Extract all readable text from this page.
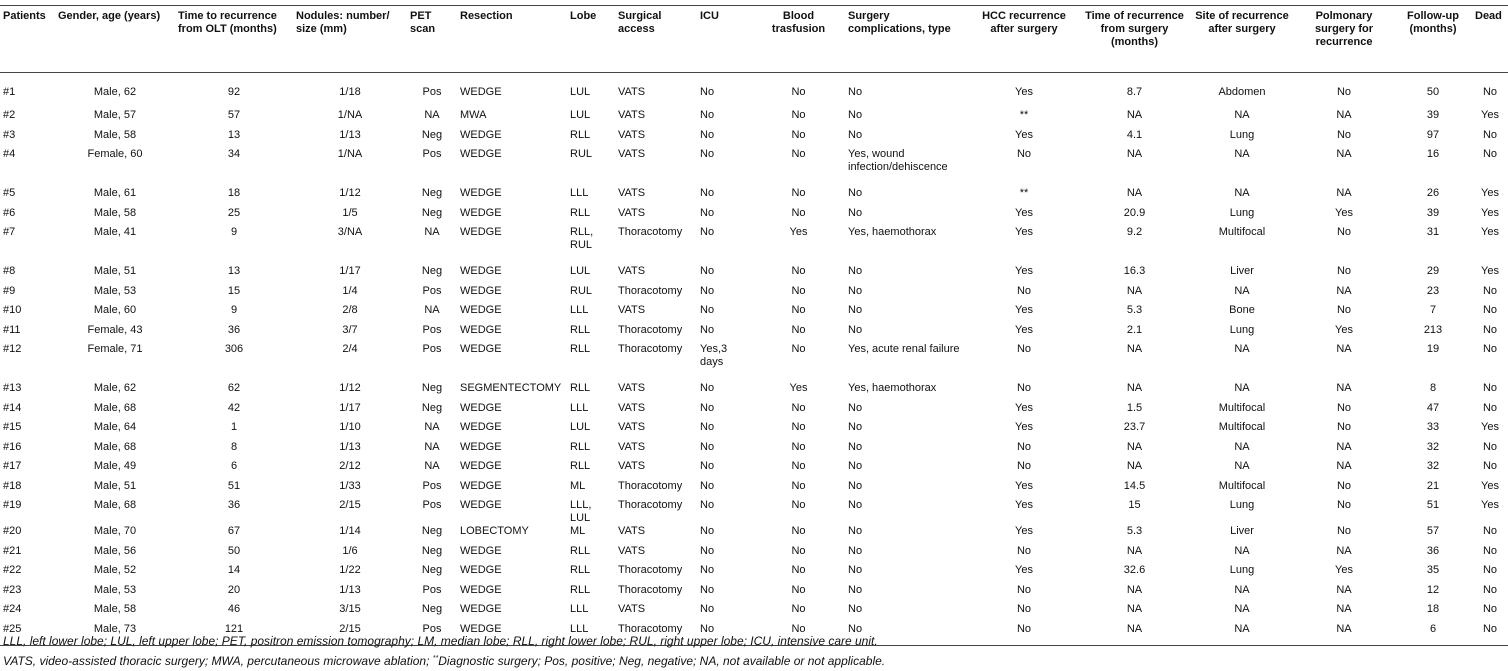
Patients	Gender, age (years)	Time to recurrence from OLT (months)	Nodules: number/ size (mm)	PET scan	Resection	Lobe	Surgical access	ICU	Blood trasfusion	Surgery complications, type	HCC recurrence after surgery	Time of recurrence from surgery (months)	Site of recurrence after surgery	Polmonary surgery for recurrence	Follow-up (months)	Dead
#1	Male, 62	92	1/18	Pos	WEDGE	LUL	VATS	No	No	No	Yes	8.7	Abdomen	No	50	No
#2	Male, 57	57	1/NA	NA	MWA	LUL	VATS	No	No	No	**	NA	NA	NA	39	Yes
#3	Male, 58	13	1/13	Neg	WEDGE	RLL	VATS	No	No	No	Yes	4.1	Lung	No	97	No
#4	Female, 60	34	1/NA	Pos	WEDGE	RUL	VATS	No	No	Yes, wound infection/dehiscence	No	NA	NA	NA	16	No
#5	Male, 61	18	1/12	Neg	WEDGE	LLL	VATS	No	No	No	**	NA	NA	NA	26	Yes
#6	Male, 58	25	1/5	Neg	WEDGE	RLL	VATS	No	No	No	Yes	20.9	Lung	Yes	39	Yes
#7	Male, 41	9	3/NA	NA	WEDGE	RLL, RUL	Thoracotomy	No	Yes	Yes, haemothorax	Yes	9.2	Multifocal	No	31	Yes
#8	Male, 51	13	1/17	Neg	WEDGE	LUL	VATS	No	No	No	Yes	16.3	Liver	No	29	Yes
#9	Male, 53	15	1/4	Pos	WEDGE	RUL	Thoracotomy	No	No	No	No	NA	NA	NA	23	No
#10	Male, 60	9	2/8	NA	WEDGE	LLL	VATS	No	No	No	Yes	5.3	Bone	No	7	No
#11	Female, 43	36	3/7	Pos	WEDGE	RLL	Thoracotomy	No	No	No	Yes	2.1	Lung	Yes	213	No
#12	Female, 71	306	2/4	Pos	WEDGE	RLL	Thoracotomy	Yes,3 days	No	Yes, acute renal failure	No	NA	NA	NA	19	No
#13	Male, 62	62	1/12	Neg	SEGMENTECTOMY	RLL	VATS	No	Yes	Yes, haemothorax	No	NA	NA	NA	8	No
#14	Male, 68	42	1/17	Neg	WEDGE	LLL	VATS	No	No	No	Yes	1.5	Multifocal	No	47	No
#15	Male, 64	1	1/10	NA	WEDGE	LUL	VATS	No	No	No	Yes	23.7	Multifocal	No	33	Yes
#16	Male, 68	8	1/13	NA	WEDGE	RLL	VATS	No	No	No	No	NA	NA	NA	32	No
#17	Male, 49	6	2/12	NA	WEDGE	RLL	VATS	No	No	No	No	NA	NA	NA	32	No
#18	Male, 51	51	1/33	Pos	WEDGE	ML	Thoracotomy	No	No	No	Yes	14.5	Multifocal	No	21	Yes
#19	Male, 68	36	2/15	Pos	WEDGE	LLL, LUL	Thoracotomy	No	No	No	Yes	15	Lung	No	51	Yes
#20	Male, 70	67	1/14	Neg	LOBECTOMY	ML	VATS	No	No	No	Yes	5.3	Liver	No	57	No
#21	Male, 56	50	1/6	Neg	WEDGE	RLL	VATS	No	No	No	No	NA	NA	NA	36	No
#22	Male, 52	14	1/22	Neg	WEDGE	RLL	Thoracotomy	No	No	No	Yes	32.6	Lung	Yes	35	No
#23	Male, 53	20	1/13	Pos	WEDGE	RLL	Thoracotomy	No	No	No	No	NA	NA	NA	12	No
#24	Male, 58	46	3/15	Neg	WEDGE	LLL	VATS	No	No	No	No	NA	NA	NA	18	No
#25	Male, 73	121	2/15	Pos	WEDGE	LLL	Thoracotomy	No	No	No	No	NA	NA	NA	6	No

LLL, left lower lobe; LUL, left upper lobe; PET, positron emission tomography; LM, median lobe; RLL, right lower lobe; RUL, right upper lobe; ICU, intensive care unit.

VATS, video-assisted thoracic surgery; MWA, percutaneous microwave ablation; **Diagnostic surgery; Pos, positive; Neg, negative; NA, not available or not applicable.
